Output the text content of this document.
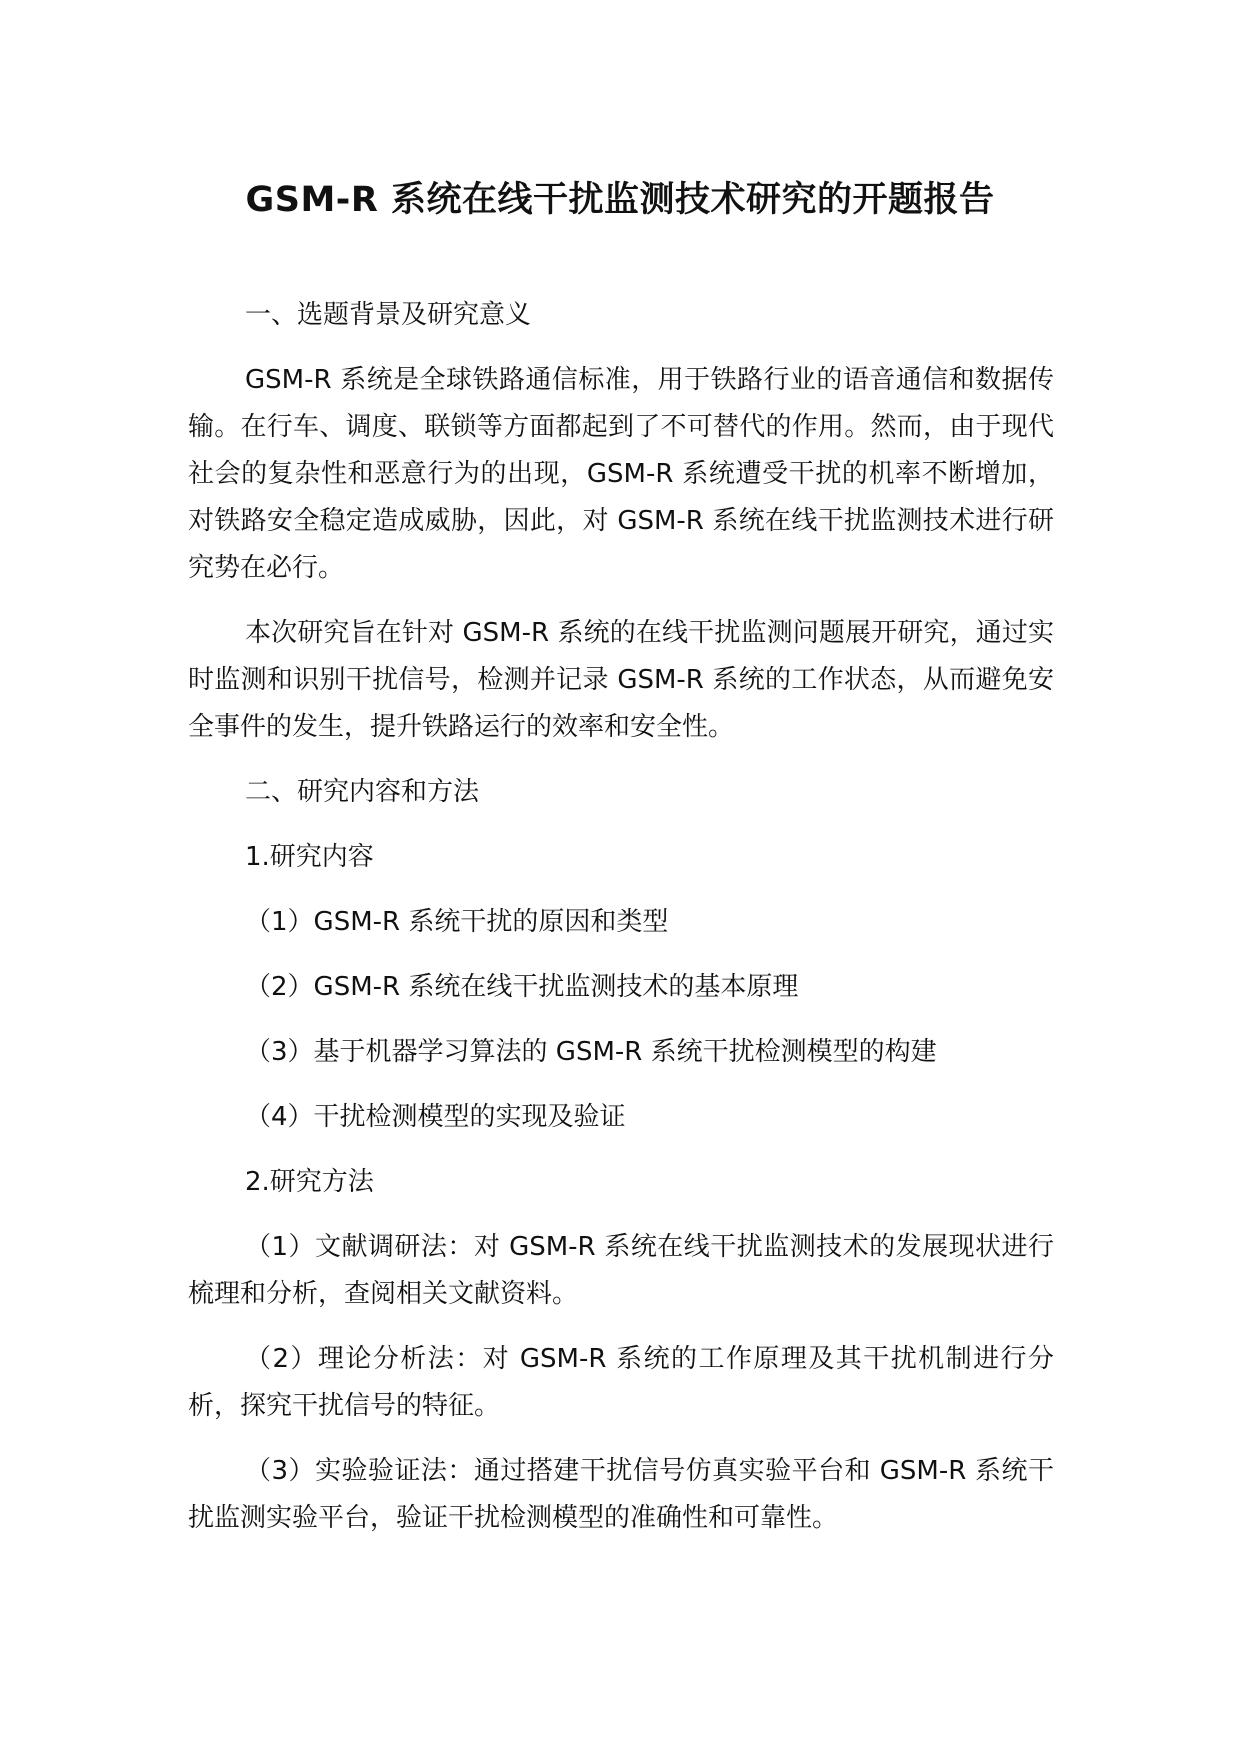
GSM-R 系统在线干扰监测技术研究的开题报告

一、选题背景及研究意义

GSM-R 系统是全球铁路通信标准，用于铁路行业的语音通信和数据传输。在行车、调度、联锁等方面都起到了不可替代的作用。然而，由于现代社会的复杂性和恶意行为的出现，GSM-R 系统遭受干扰的机率不断增加，对铁路安全稳定造成威胁，因此，对 GSM-R 系统在线干扰监测技术进行研究势在必行。

本次研究旨在针对 GSM-R 系统的在线干扰监测问题展开研究，通过实时监测和识别干扰信号，检测并记录 GSM-R 系统的工作状态，从而避免安全事件的发生，提升铁路运行的效率和安全性。

二、研究内容和方法

1.研究内容

（1）GSM-R 系统干扰的原因和类型

（2）GSM-R 系统在线干扰监测技术的基本原理

（3）基于机器学习算法的 GSM-R 系统干扰检测模型的构建

（4）干扰检测模型的实现及验证

2.研究方法

（1）文献调研法：对 GSM-R 系统在线干扰监测技术的发展现状进行梳理和分析，查阅相关文献资料。

（2）理论分析法：对 GSM-R 系统的工作原理及其干扰机制进行分析，探究干扰信号的特征。

（3）实验验证法：通过搭建干扰信号仿真实验平台和 GSM-R 系统干扰监测实验平台，验证干扰检测模型的准确性和可靠性。
